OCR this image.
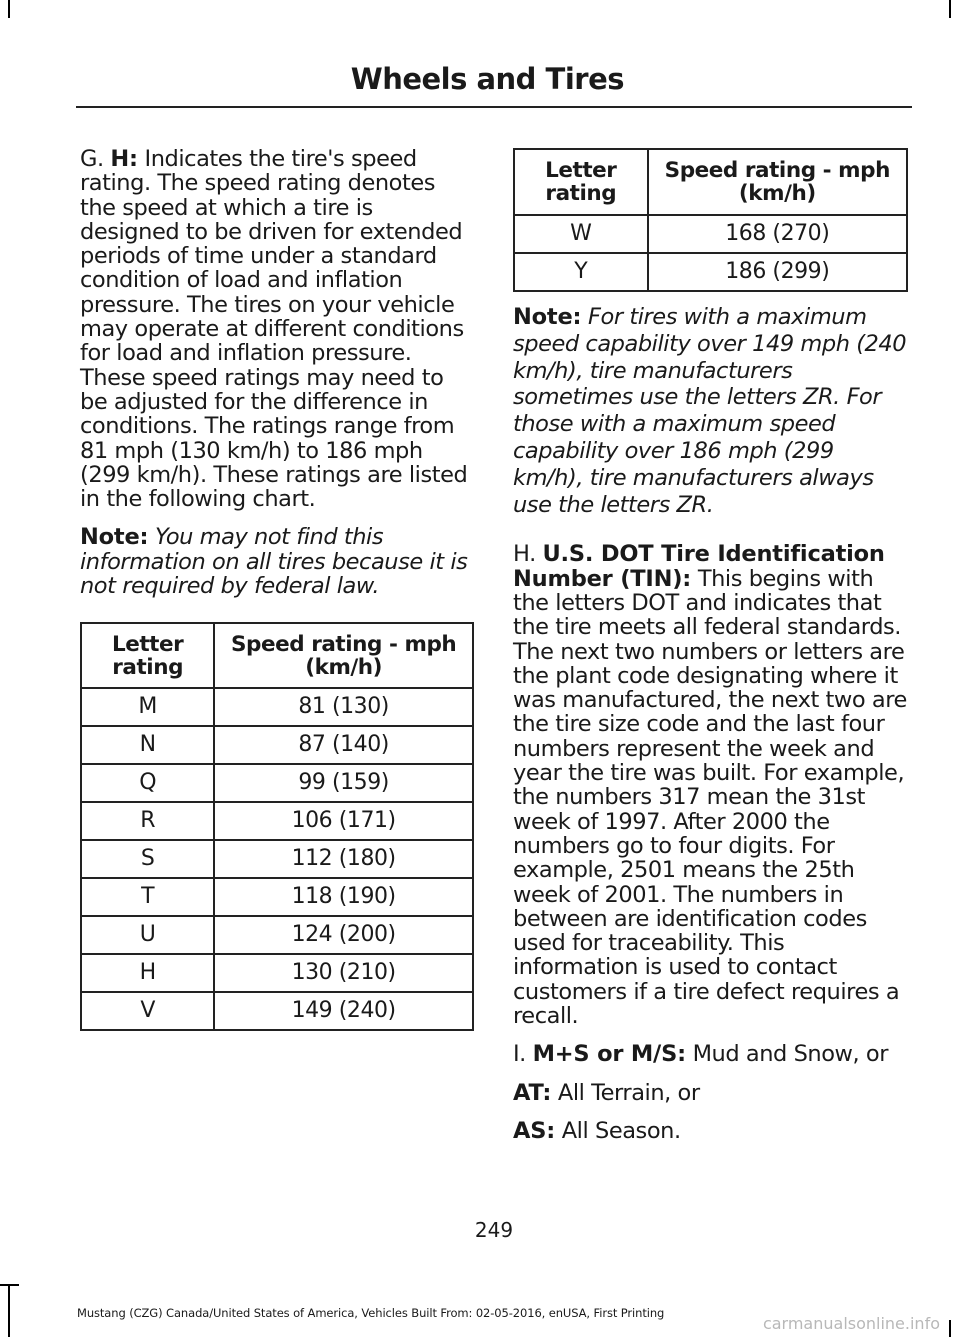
Wheels and Tires

G. H: Indicates the tire's speed rating. The speed rating denotes the speed at which a tire is designed to be driven for extended periods of time under a standard condition of load and inflation pressure. The tires on your vehicle may operate at different conditions for load and inflation pressure. These speed ratings may need to be adjusted for the difference in conditions. The ratings range from 81 mph (130 km/h) to 186 mph (299 km/h). These ratings are listed in the following chart.

Note: You may not find this information on all tires because it is not required by federal law.

Letter rating	Speed rating - mph (km/h)
M	81 (130)
N	87 (140)
Q	99 (159)
R	106 (171)
S	112 (180)
T	118 (190)
U	124 (200)
H	130 (210)
V	149 (240)
Letter rating	Speed rating - mph (km/h)
W	168 (270)
Y	186 (299)

Note: For tires with a maximum speed capability over 149 mph (240 km/h), tire manufacturers sometimes use the letters ZR. For those with a maximum speed capability over 186 mph (299 km/h), tire manufacturers always use the letters ZR.

H. U.S. DOT Tire Identification Number (TIN): This begins with the letters DOT and indicates that the tire meets all federal standards. The next two numbers or letters are the plant code designating where it was manufactured, the next two are the tire size code and the last four numbers represent the week and year the tire was built. For example, the numbers 317 mean the 31st week of 1997. After 2000 the numbers go to four digits. For example, 2501 means the 25th week of 2001. The numbers in between are identification codes used for traceability. This information is used to contact customers if a tire defect requires a recall.

I. M+S or M/S: Mud and Snow, or

AT: All Terrain, or

AS: All Season.

249
Mustang (CZG) Canada/United States of America, Vehicles Built From: 02-05-2016, enUSA, First Printing
carmanualsonline.info
